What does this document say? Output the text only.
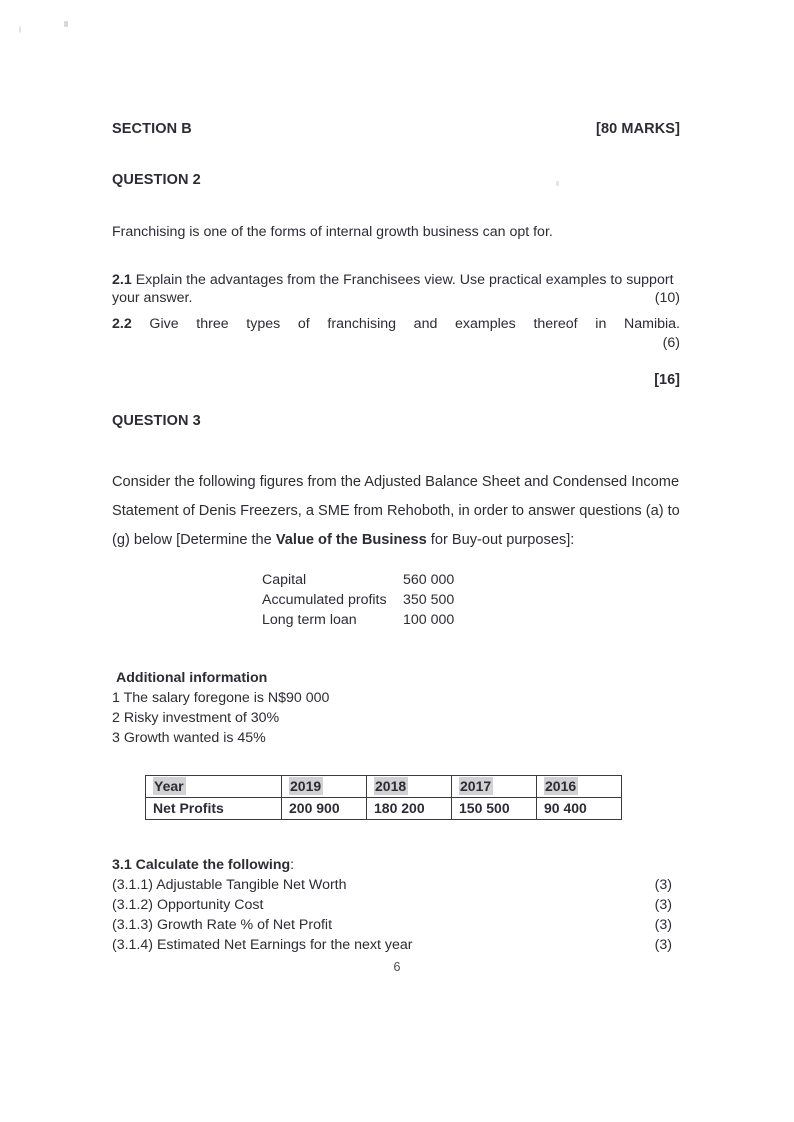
SECTION B	[80 MARKS]
QUESTION 2
Franchising is one of the forms of internal growth business can opt for.
2.1 Explain the advantages from the Franchisees view. Use practical examples to support your answer.	(10)
2.2 Give three types of franchising and examples thereof in Namibia.
(6)
[16]
QUESTION 3
Consider the following figures from the Adjusted Balance Sheet and Condensed Income Statement of Denis Freezers, a SME from Rehoboth, in order to answer questions (a) to (g) below [Determine the Value of the Business for Buy-out purposes]:
Capital	560 000
Accumulated profits	350 500
Long term loan	100 000
Additional information
1 The salary foregone is N$90 000
2 Risky investment of 30%
3 Growth wanted is 45%
Year	2019	2018	2017	2016
Net Profits	200 900	180 200	150 500	90 400
3.1 Calculate the following:
(3.1.1) Adjustable Tangible Net Worth	(3)
(3.1.2) Opportunity Cost	(3)
(3.1.3) Growth Rate % of Net Profit	(3)
(3.1.4) Estimated Net Earnings for the next year	(3)
6
